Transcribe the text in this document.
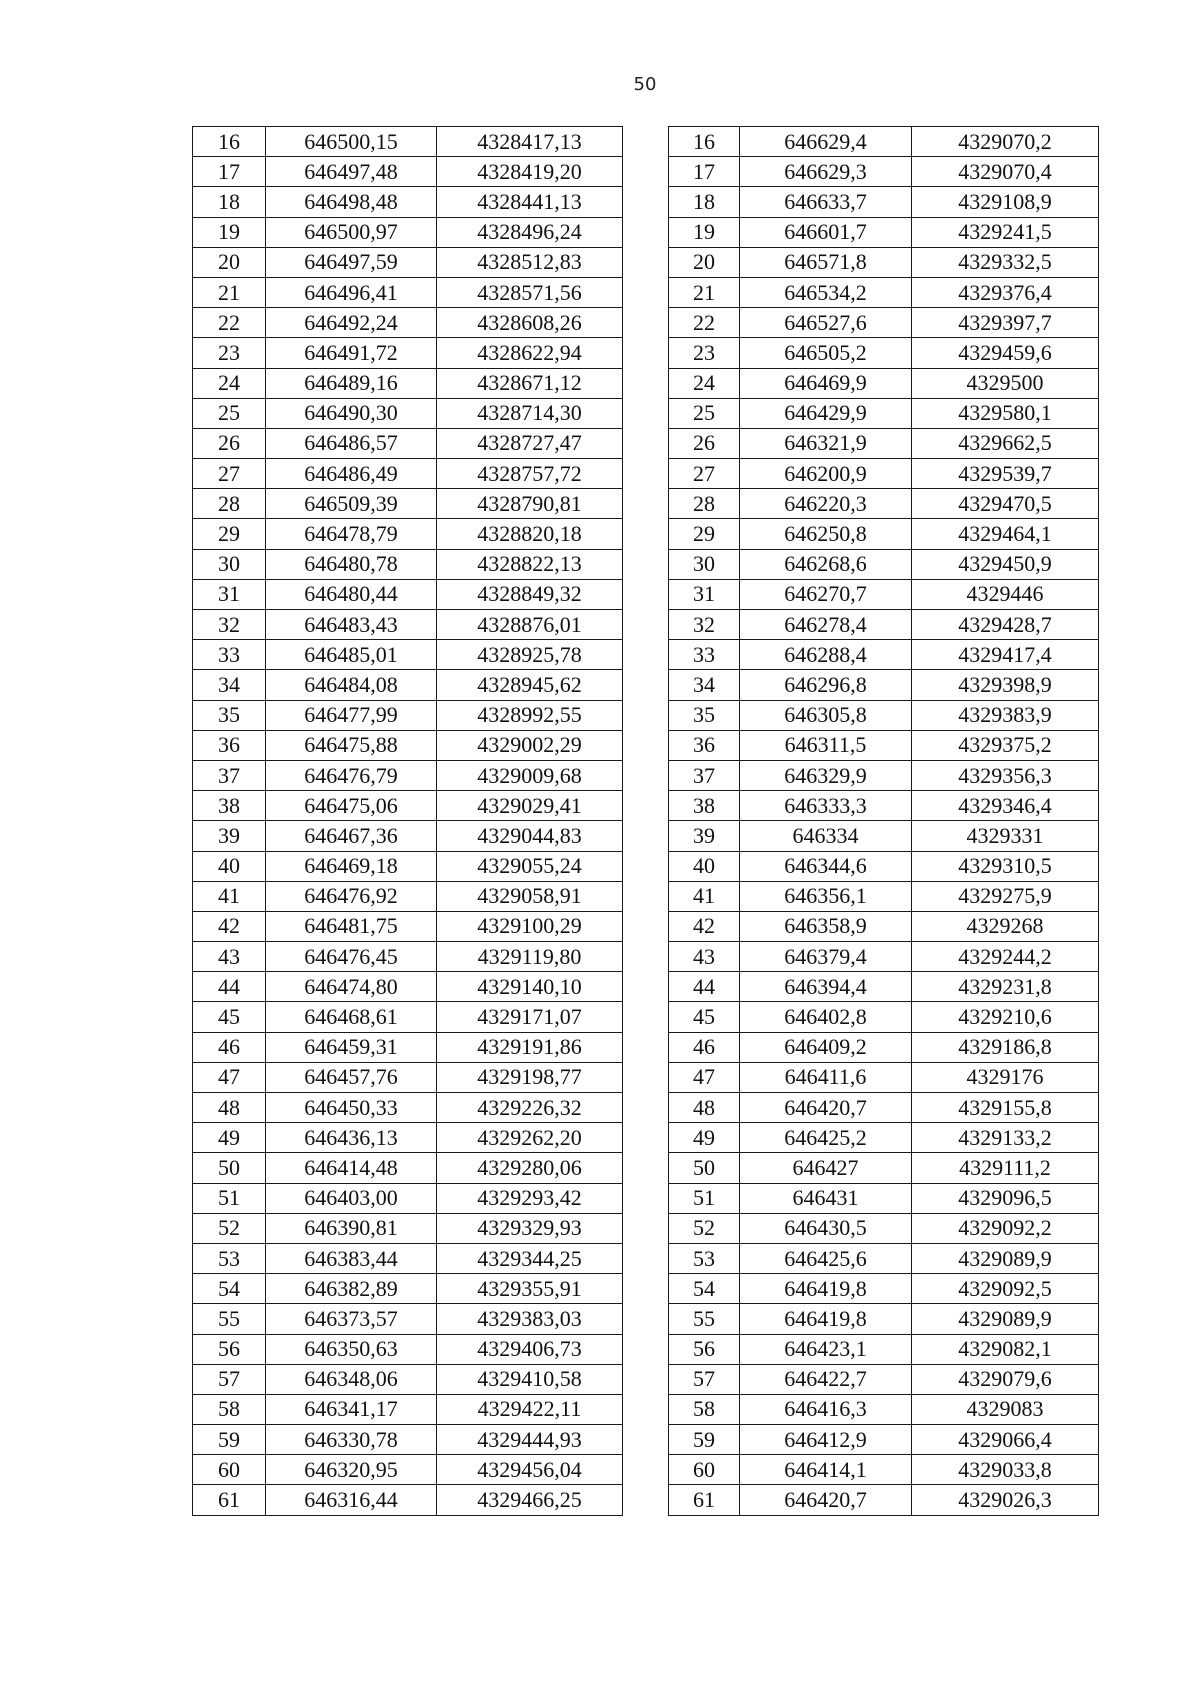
50
16	646500,15	4328417,13
17	646497,48	4328419,20
18	646498,48	4328441,13
19	646500,97	4328496,24
20	646497,59	4328512,83
21	646496,41	4328571,56
22	646492,24	4328608,26
23	646491,72	4328622,94
24	646489,16	4328671,12
25	646490,30	4328714,30
26	646486,57	4328727,47
27	646486,49	4328757,72
28	646509,39	4328790,81
29	646478,79	4328820,18
30	646480,78	4328822,13
31	646480,44	4328849,32
32	646483,43	4328876,01
33	646485,01	4328925,78
34	646484,08	4328945,62
35	646477,99	4328992,55
36	646475,88	4329002,29
37	646476,79	4329009,68
38	646475,06	4329029,41
39	646467,36	4329044,83
40	646469,18	4329055,24
41	646476,92	4329058,91
42	646481,75	4329100,29
43	646476,45	4329119,80
44	646474,80	4329140,10
45	646468,61	4329171,07
46	646459,31	4329191,86
47	646457,76	4329198,77
48	646450,33	4329226,32
49	646436,13	4329262,20
50	646414,48	4329280,06
51	646403,00	4329293,42
52	646390,81	4329329,93
53	646383,44	4329344,25
54	646382,89	4329355,91
55	646373,57	4329383,03
56	646350,63	4329406,73
57	646348,06	4329410,58
58	646341,17	4329422,11
59	646330,78	4329444,93
60	646320,95	4329456,04
61	646316,44	4329466,25
16	646629,4	4329070,2
17	646629,3	4329070,4
18	646633,7	4329108,9
19	646601,7	4329241,5
20	646571,8	4329332,5
21	646534,2	4329376,4
22	646527,6	4329397,7
23	646505,2	4329459,6
24	646469,9	4329500
25	646429,9	4329580,1
26	646321,9	4329662,5
27	646200,9	4329539,7
28	646220,3	4329470,5
29	646250,8	4329464,1
30	646268,6	4329450,9
31	646270,7	4329446
32	646278,4	4329428,7
33	646288,4	4329417,4
34	646296,8	4329398,9
35	646305,8	4329383,9
36	646311,5	4329375,2
37	646329,9	4329356,3
38	646333,3	4329346,4
39	646334	4329331
40	646344,6	4329310,5
41	646356,1	4329275,9
42	646358,9	4329268
43	646379,4	4329244,2
44	646394,4	4329231,8
45	646402,8	4329210,6
46	646409,2	4329186,8
47	646411,6	4329176
48	646420,7	4329155,8
49	646425,2	4329133,2
50	646427	4329111,2
51	646431	4329096,5
52	646430,5	4329092,2
53	646425,6	4329089,9
54	646419,8	4329092,5
55	646419,8	4329089,9
56	646423,1	4329082,1
57	646422,7	4329079,6
58	646416,3	4329083
59	646412,9	4329066,4
60	646414,1	4329033,8
61	646420,7	4329026,3
